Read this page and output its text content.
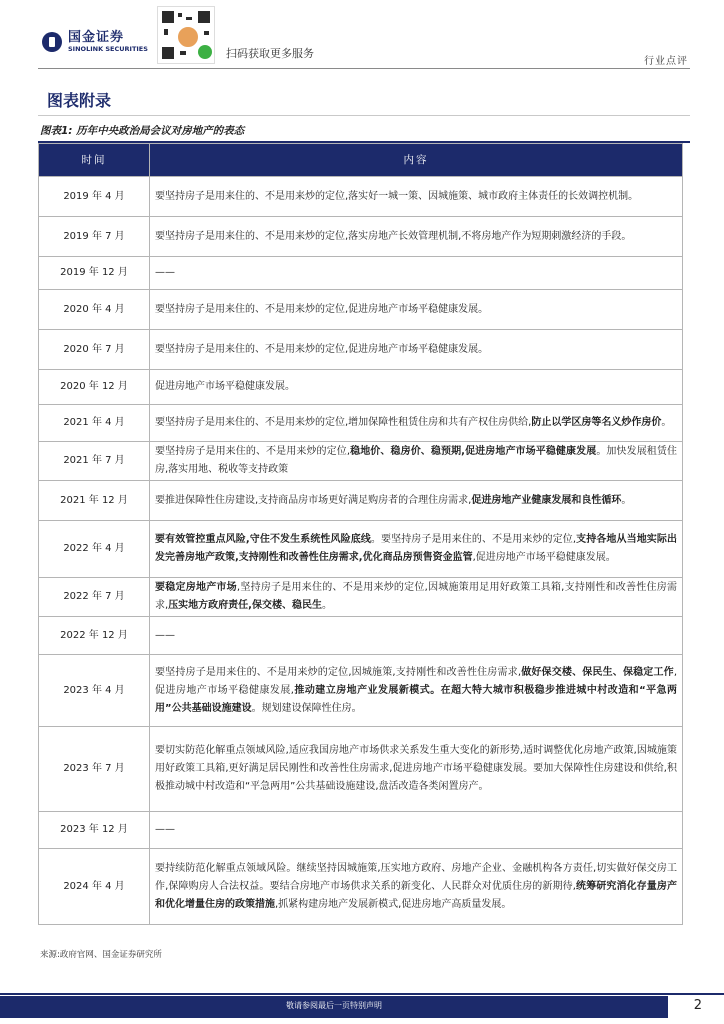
国金证券
SINOLINK SECURITIES	扫码获取更多服务
行业点评
图表附录
图表1: 历年中央政治局会议对房地产的表态
时间	内容
2019 年 4 月	要坚持房子是用来住的、不是用来炒的定位,落实好一城一策、因城施策、城市政府主体责任的长效调控机制。
2019 年 7 月	要坚持房子是用来住的、不是用来炒的定位,落实房地产长效管理机制,不将房地产作为短期刺激经济的手段。
2019 年 12 月	——
2020 年 4 月	要坚持房子是用来住的、不是用来炒的定位,促进房地产市场平稳健康发展。
2020 年 7 月	要坚持房子是用来住的、不是用来炒的定位,促进房地产市场平稳健康发展。
2020 年 12 月	促进房地产市场平稳健康发展。
2021 年 4 月	要坚持房子是用来住的、不是用来炒的定位,增加保障性租赁住房和共有产权住房供给,防止以学区房等名义炒作房价。
2021 年 7 月	要坚持房子是用来住的、不是用来炒的定位,稳地价、稳房价、稳预期,促进房地产市场平稳健康发展。加快发展租赁住房,落实用地、税收等支持政策
2021 年 12 月	要推进保障性住房建设,支持商品房市场更好满足购房者的合理住房需求,促进房地产业健康发展和良性循环。
2022 年 4 月	要有效管控重点风险,守住不发生系统性风险底线。要坚持房子是用来住的、不是用来炒的定位,支持各地从当地实际出发完善房地产政策,支持刚性和改善性住房需求,优化商品房预售资金监管,促进房地产市场平稳健康发展。
2022 年 7 月	要稳定房地产市场,坚持房子是用来住的、不是用来炒的定位,因城施策用足用好政策工具箱,支持刚性和改善性住房需求,压实地方政府责任,保交楼、稳民生。
2022 年 12 月	——
2023 年 4 月	要坚持房子是用来住的、不是用来炒的定位,因城施策,支持刚性和改善性住房需求,做好保交楼、保民生、保稳定工作,促进房地产市场平稳健康发展,推动建立房地产业发展新模式。在超大特大城市积极稳步推进城中村改造和“平急两用”公共基础设施建设。规划建设保障性住房。
2023 年 7 月	要切实防范化解重点领域风险,适应我国房地产市场供求关系发生重大变化的新形势,适时调整优化房地产政策,因城施策用好政策工具箱,更好满足居民刚性和改善性住房需求,促进房地产市场平稳健康发展。要加大保障性住房建设和供给,积极推动城中村改造和“平急两用”公共基础设施建设,盘活改造各类闲置房产。
2023 年 12 月	——
2024 年 4 月	要持续防范化解重点领域风险。继续坚持因城施策,压实地方政府、房地产企业、金融机构各方责任,切实做好保交房工作,保障购房人合法权益。要结合房地产市场供求关系的新变化、人民群众对优质住房的新期待,统筹研究消化存量房产和优化增量住房的政策措施,抓紧构建房地产发展新模式,促进房地产高质量发展。
来源:政府官网、国金证券研究所
敬请参阅最后一页特别声明	2
